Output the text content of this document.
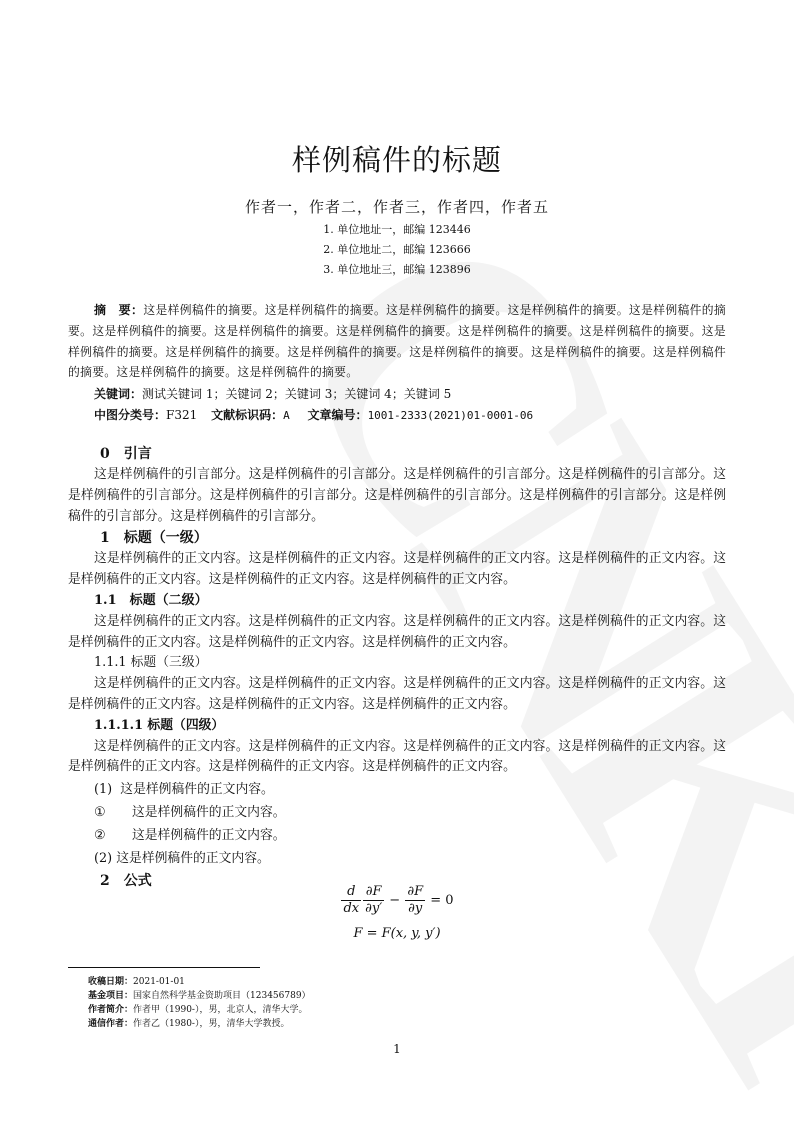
样例稿件的标题
作者一，作者二，作者三，作者四，作者五
1. 单位地址一，邮编 123446
2. 单位地址二，邮编 123666
3. 单位地址三，邮编 123896
摘　要：这是样例稿件的摘要。这是样例稿件的摘要。这是样例稿件的摘要。这是样例稿件的摘要。这是样例稿件的摘要。这是样例稿件的摘要。这是样例稿件的摘要。这是样例稿件的摘要。这是样例稿件的摘要。这是样例稿件的摘要。这是样例稿件的摘要。这是样例稿件的摘要。这是样例稿件的摘要。这是样例稿件的摘要。这是样例稿件的摘要。这是样例稿件的摘要。这是样例稿件的摘要。这是样例稿件的摘要。
关键词：测试关键词 1；关键词 2；关键词 3；关键词 4；关键词 5
中图分类号：F321 文献标识码：A 文章编号：1001-2333(2021)01-0001-06
0 引言

这是样例稿件的引言部分。这是样例稿件的引言部分。这是样例稿件的引言部分。这是样例稿件的引言部分。这是样例稿件的引言部分。这是样例稿件的引言部分。这是样例稿件的引言部分。这是样例稿件的引言部分。这是样例稿件的引言部分。这是样例稿件的引言部分。

1 标题（一级）

这是样例稿件的正文内容。这是样例稿件的正文内容。这是样例稿件的正文内容。这是样例稿件的正文内容。这是样例稿件的正文内容。这是样例稿件的正文内容。这是样例稿件的正文内容。

1.1　标题（二级）

这是样例稿件的正文内容。这是样例稿件的正文内容。这是样例稿件的正文内容。这是样例稿件的正文内容。这是样例稿件的正文内容。这是样例稿件的正文内容。这是样例稿件的正文内容。

1.1.1 标题（三级）

这是样例稿件的正文内容。这是样例稿件的正文内容。这是样例稿件的正文内容。这是样例稿件的正文内容。这是样例稿件的正文内容。这是样例稿件的正文内容。这是样例稿件的正文内容。

1.1.1.1 标题（四级）

这是样例稿件的正文内容。这是样例稿件的正文内容。这是样例稿件的正文内容。这是样例稿件的正文内容。这是样例稿件的正文内容。这是样例稿件的正文内容。这是样例稿件的正文内容。

(1) 这是样例稿件的正文内容。
① 这是样例稿件的正文内容。
② 这是样例稿件的正文内容。
(2) 这是样例稿件的正文内容。
2 公式
$\frac{d}{dx} \frac{\partial F}{\partial y'} - \frac{\partial F}{\partial y} = 0$
F = F(x, y, y′)
收稿日期：2021-01-01
基金项目：国家自然科学基金资助项目（123456789）
作者简介：作者甲（1990-），男，北京人，清华大学。
通信作者：作者乙（1980-），男，清华大学教授。
1
